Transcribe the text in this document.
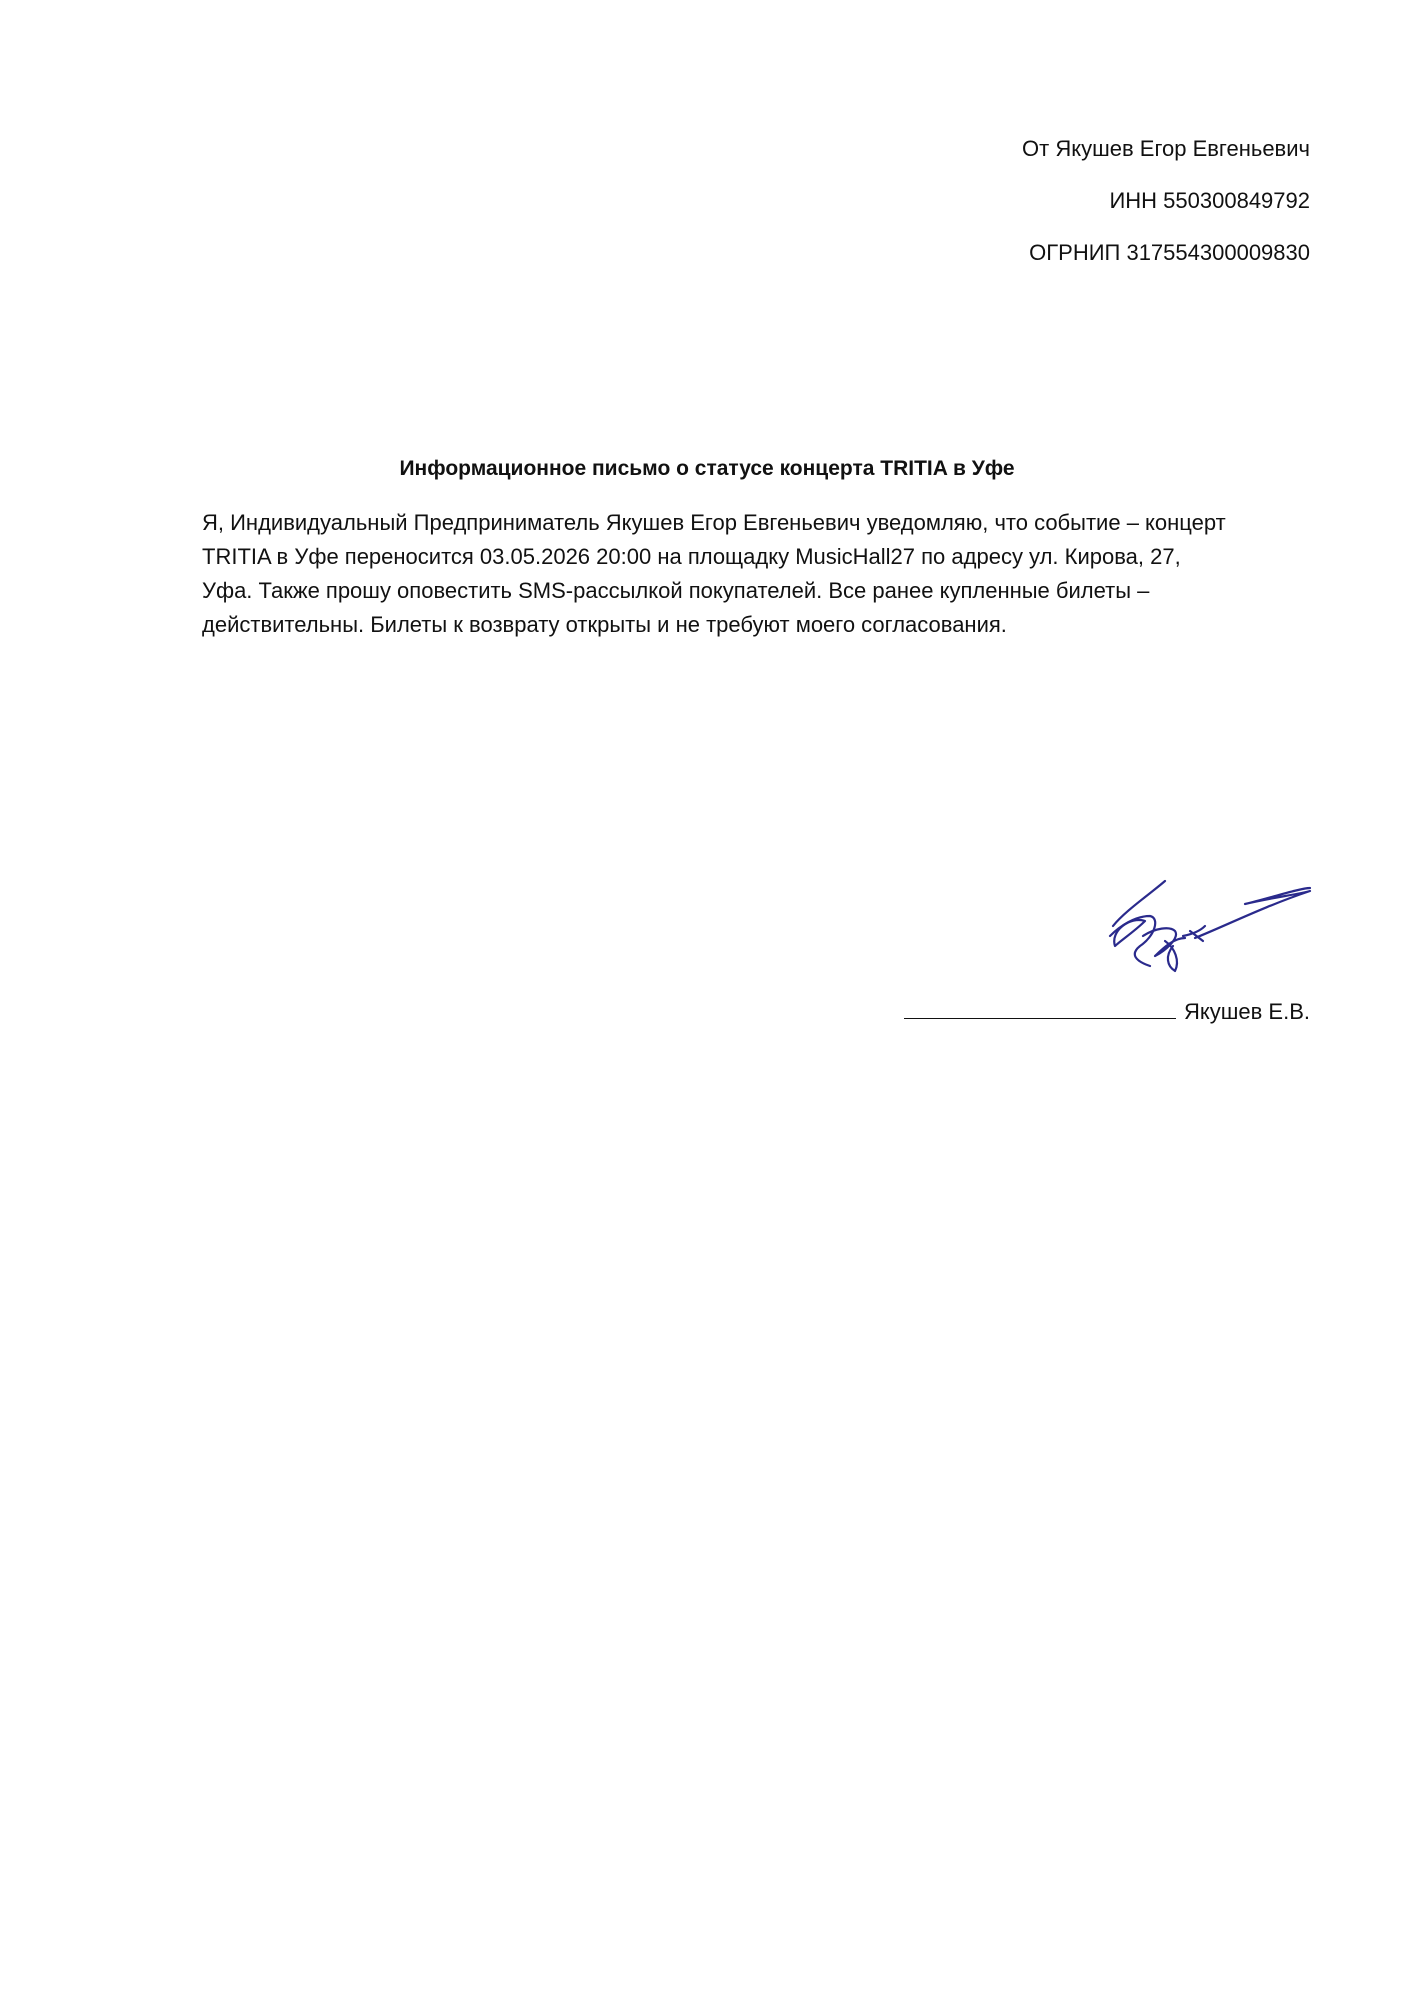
От Якушев Егор Евгеньевич
ИНН 550300849792
ОГРНИП 317554300009830
Информационное письмо о статусе концерта TRITIA в Уфе
Я, Индивидуальный Предприниматель Якушев Егор Евгеньевич уведомляю, что событие – концерт
TRITIA в Уфе переносится 03.05.2026 20:00 на площадку MusicHall27 по адресу ул. Кирова, 27,
Уфа. Также прошу оповестить SMS-рассылкой покупателей. Все ранее купленные билеты –
действительны. Билеты к возврату открыты и не требуют моего согласования.
Якушев Е.В.
